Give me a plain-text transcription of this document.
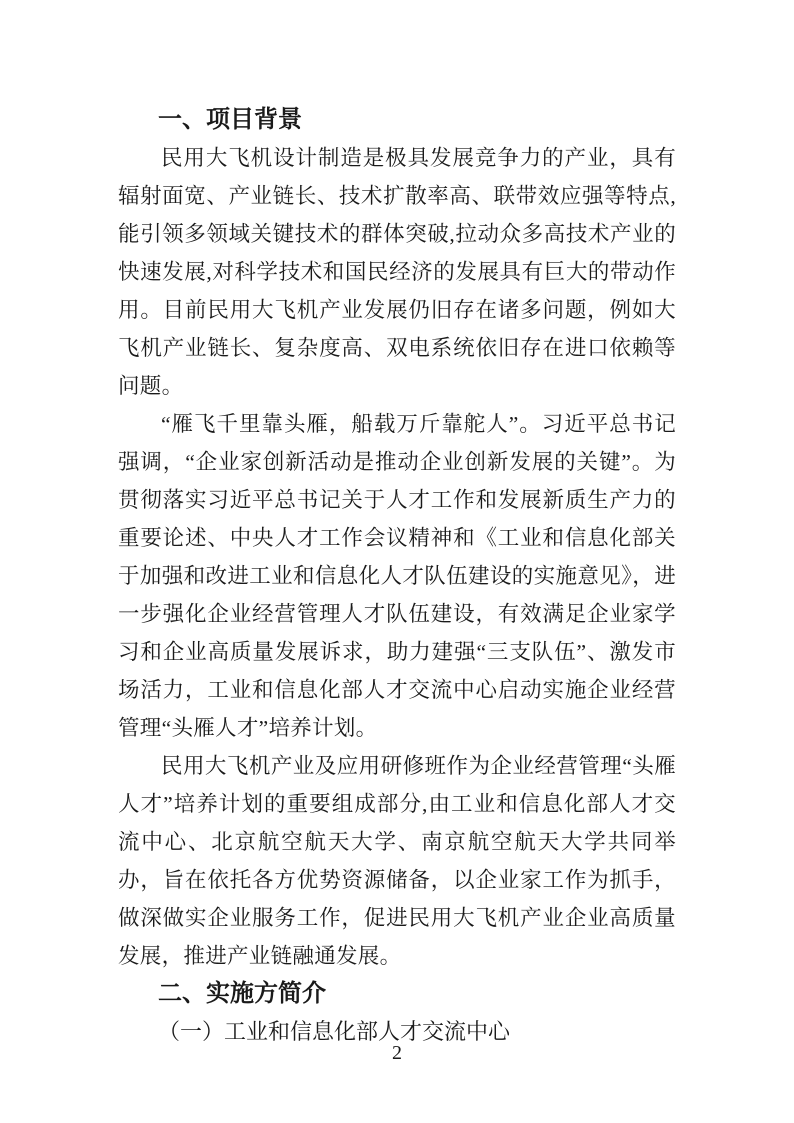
一、项目背景

民用大飞机设计制造是极具发展竞争力的产业，具有辐射面宽、产业链长、技术扩散率高、联带效应强等特点,能引领多领域关键技术的群体突破,拉动众多高技术产业的快速发展,对科学技术和国民经济的发展具有巨大的带动作用。目前民用大飞机产业发展仍旧存在诸多问题，例如大飞机产业链长、复杂度高、双电系统依旧存在进口依赖等问题。

“雁飞千里靠头雁，船载万斤靠舵人”。习近平总书记强调，“企业家创新活动是推动企业创新发展的关键”。为贯彻落实习近平总书记关于人才工作和发展新质生产力的重要论述、中央人才工作会议精神和《工业和信息化部关于加强和改进工业和信息化人才队伍建设的实施意见》，进一步强化企业经营管理人才队伍建设，有效满足企业家学习和企业高质量发展诉求，助力建强“三支队伍”、激发市场活力，工业和信息化部人才交流中心启动实施企业经营管理“头雁人才”培养计划。

民用大飞机产业及应用研修班作为企业经营管理“头雁人才”培养计划的重要组成部分,由工业和信息化部人才交流中心、北京航空航天大学、南京航空航天大学共同举办，旨在依托各方优势资源储备，以企业家工作为抓手，做深做实企业服务工作，促进民用大飞机产业企业高质量发展，推进产业链融通发展。

二、实施方简介

（一）工业和信息化部人才交流中心

2
